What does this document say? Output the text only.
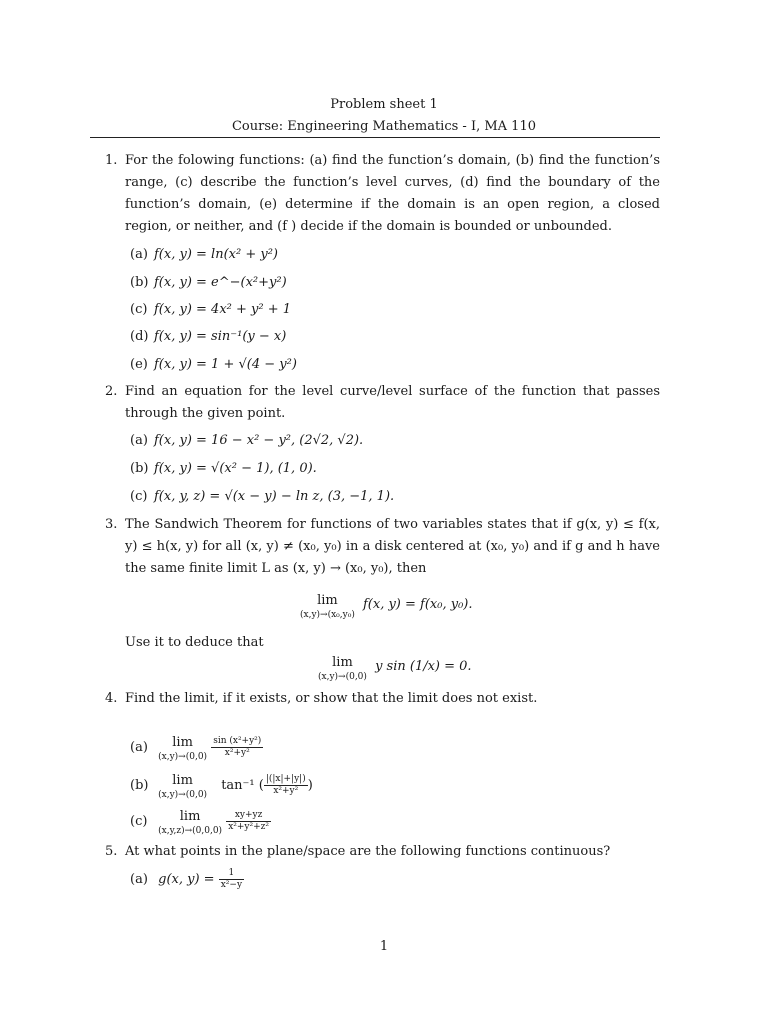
Problem sheet 1
Course: Engineering Mathematics - I, MA 110
1. For the folowing functions: (a) find the function’s domain, (b) find the function’s range, (c) describe the function’s level curves, (d) find the boundary of the function’s domain, (e) determine if the domain is an open region, a closed region, or neither, and (f ) decide if the domain is bounded or unbounded.
(a) f(x, y) = ln(x² + y²)
(b) f(x, y) = e^−(x²+y²)
(c) f(x, y) = 4x² + y² + 1
(d) f(x, y) = sin⁻¹(y − x)
(e) f(x, y) = 1 + √(4 − y²)
2. Find an equation for the level curve/level surface of the function that passes through the given point.
(a) f(x, y) = 16 − x² − y², (2√2, √2).
(b) f(x, y) = √(x² − 1), (1, 0).
(c) f(x, y, z) = √(x − y) − ln z, (3, −1, 1).
3. The Sandwich Theorem for functions of two variables states that if g(x, y) ≤ f(x, y) ≤ h(x, y) for all (x, y) ≠ (x₀, y₀) in a disk centered at (x₀, y₀) and if g and h have the same finite limit L as (x, y) → (x₀, y₀), then
lim
(x,y)→(x₀,y₀)
f(x, y) = f(x₀, y₀).
Use it to deduce that
lim
(x,y)→(0,0)
y sin (1/x) = 0.
4. Find the limit, if it exists, or show that the limit does not exist.
(a) lim
(x,y)→(0,0)
$\frac{\text{sin (x²+y²)}}{\text{x²+y²}}$
(b) lim
(x,y)→(0,0)
tan⁻¹ ( $\frac{|(|x|+|y|)}{\text{x²+y²}}$ )
(c) lim
(x,y,z)→(0,0,0)
$\frac{xy+yz}{\text{x²+y²+z²}}$
5. At what points in the plane/space are the following functions continuous?
(a) g(x, $y) = \frac{1}{\text{x²−y}}$
1
